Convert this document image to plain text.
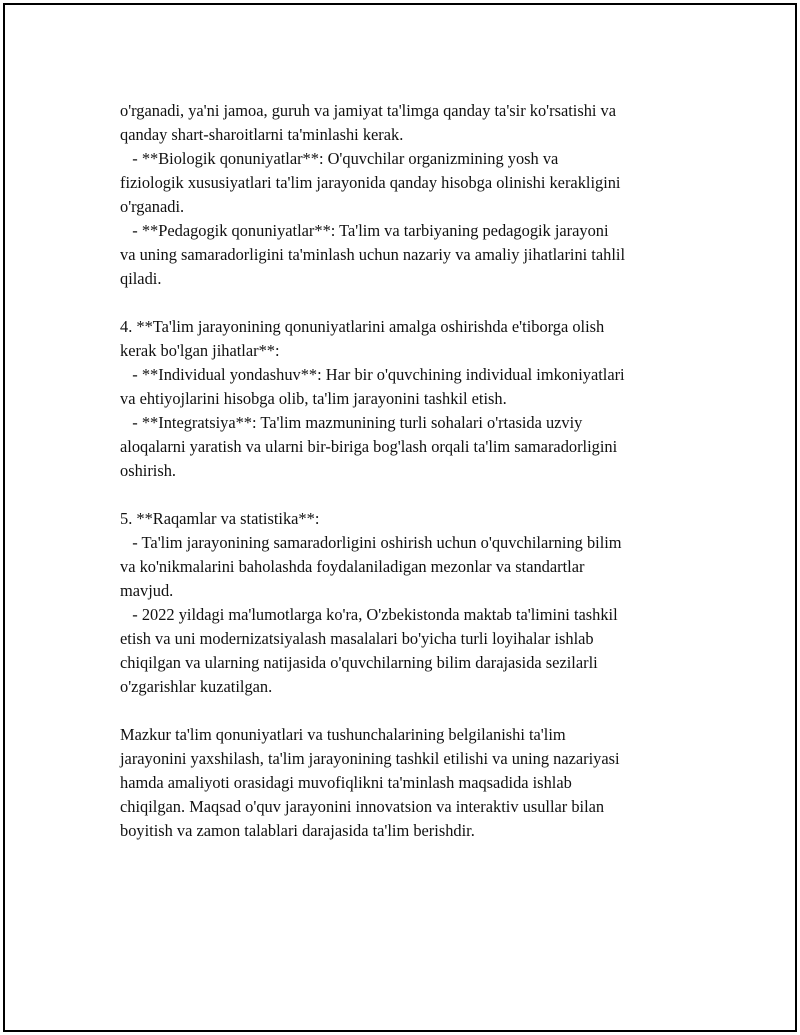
o'rganadi, ya'ni jamoa, guruh va jamiyat ta'limga qanday ta'sir ko'rsatishi va
qanday shart-sharoitlarni ta'minlashi kerak.
- **Biologik qonuniyatlar**: O'quvchilar organizmining yosh va
fiziologik xususiyatlari ta'lim jarayonida qanday hisobga olinishi kerakligini
o'rganadi.
- **Pedagogik qonuniyatlar**: Ta'lim va tarbiyaning pedagogik jarayoni
va uning samaradorligini ta'minlash uchun nazariy va amaliy jihatlarini tahlil
qiladi.
4. **Ta'lim jarayonining qonuniyatlarini amalga oshirishda e'tiborga olish
kerak bo'lgan jihatlar**:
- **Individual yondashuv**: Har bir o'quvchining individual imkoniyatlari
va ehtiyojlarini hisobga olib, ta'lim jarayonini tashkil etish.
- **Integratsiya**: Ta'lim mazmunining turli sohalari o'rtasida uzviy
aloqalarni yaratish va ularni bir-biriga bog'lash orqali ta'lim samaradorligini
oshirish.
5. **Raqamlar va statistika**:
- Ta'lim jarayonining samaradorligini oshirish uchun o'quvchilarning bilim
va ko'nikmalarini baholashda foydalaniladigan mezonlar va standartlar
mavjud.
- 2022 yildagi ma'lumotlarga ko'ra, O'zbekistonda maktab ta'limini tashkil
etish va uni modernizatsiyalash masalalari bo'yicha turli loyihalar ishlab
chiqilgan va ularning natijasida o'quvchilarning bilim darajasida sezilarli
o'zgarishlar kuzatilgan.
Mazkur ta'lim qonuniyatlari va tushunchalarining belgilanishi ta'lim
jarayonini yaxshilash, ta'lim jarayonining tashkil etilishi va uning nazariyasi
hamda amaliyoti orasidagi muvofiqlikni ta'minlash maqsadida ishlab
chiqilgan. Maqsad o'quv jarayonini innovatsion va interaktiv usullar bilan
boyitish va zamon talablari darajasida ta'lim berishdir.
